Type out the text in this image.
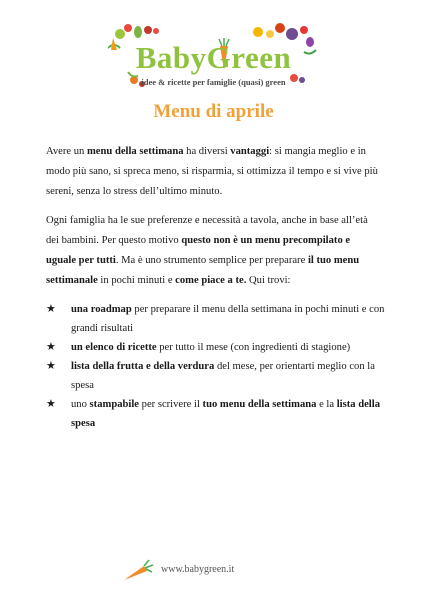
BabyGreen
idee & ricette per famiglie (quasi) green
Menu di aprile
Avere un menu della settimana ha diversi vantaggi: si mangia meglio e in modo più sano, si spreca meno, si risparmia, si ottimizza il tempo e si vive più sereni, senza lo stress dell’ultimo minuto.
Ogni famiglia ha le sue preferenze e necessità a tavola, anche in base all’età dei bambini. Per questo motivo questo non è un menu precompilato e uguale per tutti. Ma è uno strumento semplice per preparare il tuo menu settimanale in pochi minuti e come piace a te. Qui trovi:
★ una roadmap per preparare il menu della settimana in pochi minuti e con grandi risultati
★ un elenco di ricette per tutto il mese (con ingredienti di stagione)
★ lista della frutta e della verdura del mese, per orientarti meglio con la spesa
★ uno stampabile per scrivere il tuo menu della settimana e la lista della spesa
www.babygreen.it
